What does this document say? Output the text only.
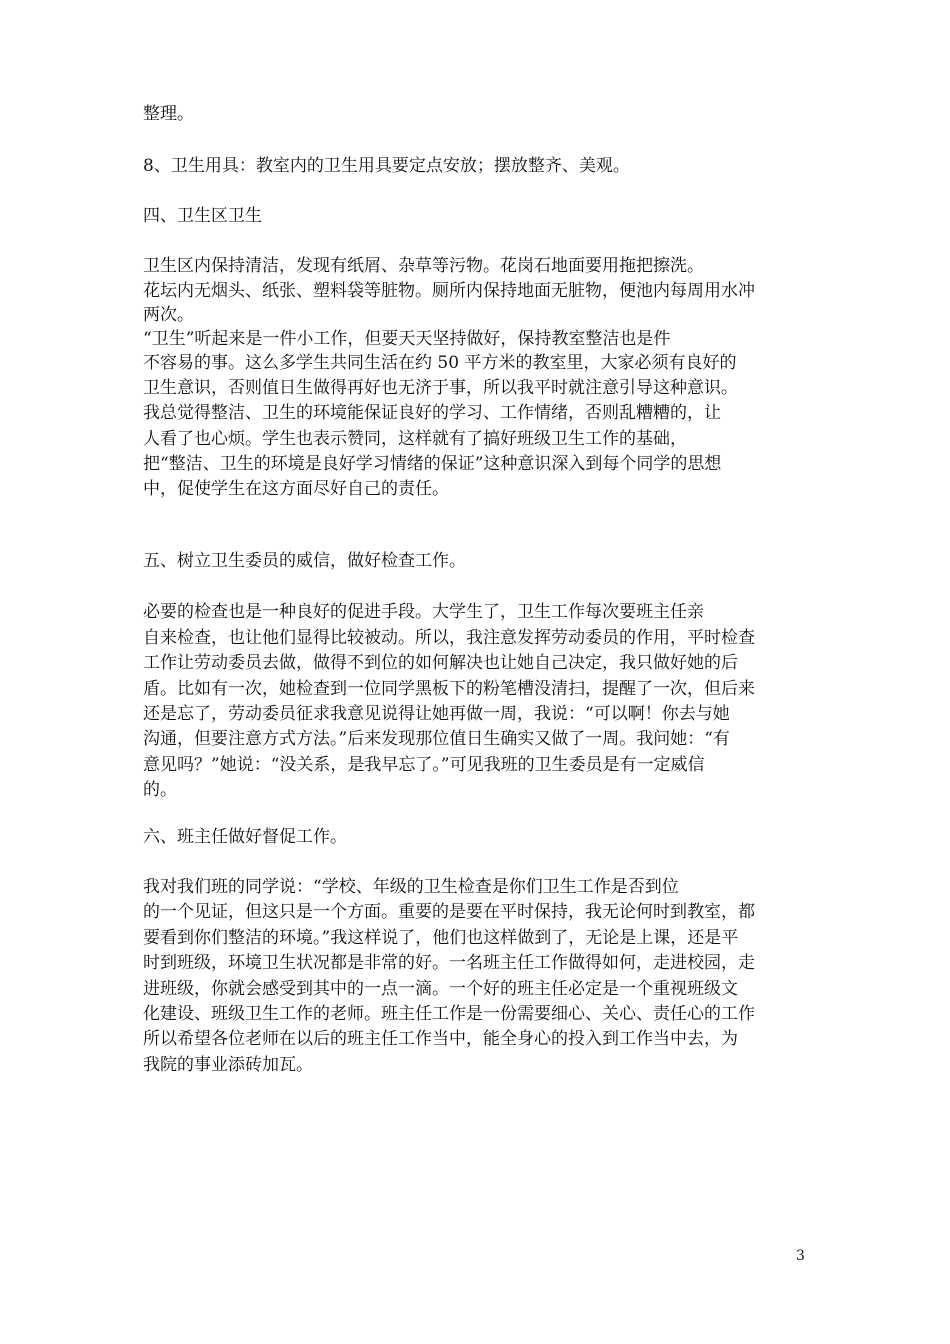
整理。

8、卫生用具：教室内的卫生用具要定点安放；摆放整齐、美观。

四、卫生区卫生

卫生区内保持清洁，发现有纸屑、杂草等污物。花岗石地面要用拖把擦洗。

花坛内无烟头、纸张、塑料袋等脏物。厕所内保持地面无脏物，便池内每周用水冲

两次。

“卫生”听起来是一件小工作，但要天天坚持做好，保持教室整洁也是件

不容易的事。这么多学生共同生活在约 50 平方米的教室里，大家必须有良好的

卫生意识，否则值日生做得再好也无济于事，所以我平时就注意引导这种意识。

我总觉得整洁、卫生的环境能保证良好的学习、工作情绪，否则乱糟糟的，让

人看了也心烦。学生也表示赞同，这样就有了搞好班级卫生工作的基础，

把“整洁、卫生的环境是良好学习情绪的保证”这种意识深入到每个同学的思想

中，促使学生在这方面尽好自己的责任。

五、树立卫生委员的威信，做好检查工作。

必要的检查也是一种良好的促进手段。大学生了，卫生工作每次要班主任亲

自来检查，也让他们显得比较被动。所以，我注意发挥劳动委员的作用，平时检查

工作让劳动委员去做，做得不到位的如何解决也让她自己决定，我只做好她的后

盾。比如有一次，她检查到一位同学黑板下的粉笔槽没清扫，提醒了一次，但后来

还是忘了，劳动委员征求我意见说得让她再做一周，我说：“可以啊！你去与她

沟通，但要注意方式方法。”后来发现那位值日生确实又做了一周。我问她：“有

意见吗？”她说：“没关系，是我早忘了。”可见我班的卫生委员是有一定威信

的。

六、班主任做好督促工作。

我对我们班的同学说：“学校、年级的卫生检查是你们卫生工作是否到位

的一个见证，但这只是一个方面。重要的是要在平时保持，我无论何时到教室，都

要看到你们整洁的环境。”我这样说了，他们也这样做到了，无论是上课，还是平

时到班级，环境卫生状况都是非常的好。一名班主任工作做得如何，走进校园，走

进班级，你就会感受到其中的一点一滴。一个好的班主任必定是一个重视班级文

化建设、班级卫生工作的老师。班主任工作是一份需要细心、关心、责任心的工作

所以希望各位老师在以后的班主任工作当中，能全身心的投入到工作当中去，为

我院的事业添砖加瓦。

3
